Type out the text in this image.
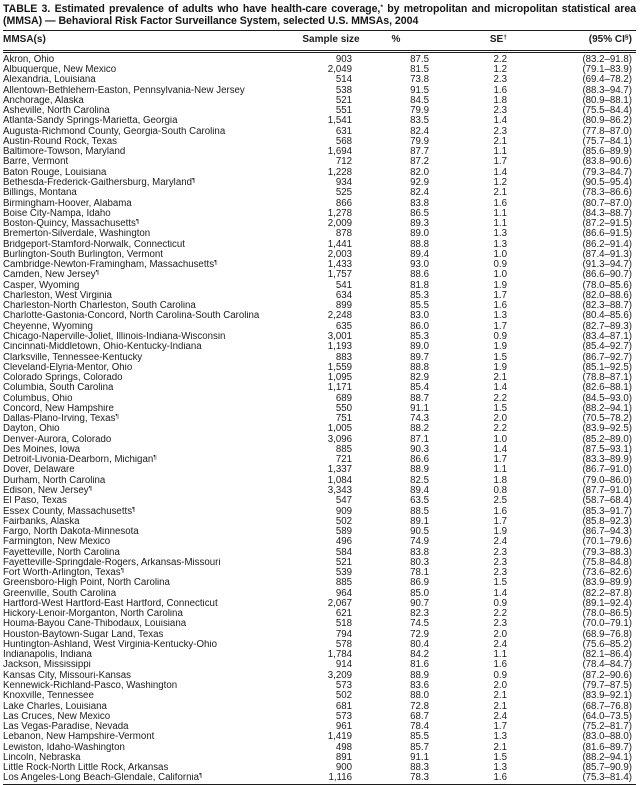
TABLE 3. Estimated prevalence of adults who have health-care coverage,* by metropolitan and micropolitan statistical area (MMSA) — Behavioral Risk Factor Surveillance System, selected U.S. MMSAs, 2004
MMSA(s)	Sample size	%	SE†	(95% CI§)
Akron, Ohio	903	87.5	2.2	(83.2–91.8)
Albuquerque, New Mexico	2,049	81.5	1.2	(79.1–83.9)
Alexandria, Louisiana	514	73.8	2.3	(69.4–78.2)
Allentown-Bethlehem-Easton, Pennsylvania-New Jersey	538	91.5	1.6	(88.3–94.7)
Anchorage, Alaska	521	84.5	1.8	(80.9–88.1)
Asheville, North Carolina	551	79.9	2.3	(75.5–84.4)
Atlanta-Sandy Springs-Marietta, Georgia	1,541	83.5	1.4	(80.9–86.2)
Augusta-Richmond County, Georgia-South Carolina	631	82.4	2.3	(77.8–87.0)
Austin-Round Rock, Texas	568	79.9	2.1	(75.7–84.1)
Baltimore-Towson, Maryland	1,694	87.7	1.1	(85.6–89.9)
Barre, Vermont	712	87.2	1.7	(83.8–90.6)
Baton Rouge, Louisiana	1,228	82.0	1.4	(79.3–84.7)
Bethesda-Frederick-Gaithersburg, Maryland¶	934	92.9	1.2	(90.5–95.4)
Billings, Montana	525	82.4	2.1	(78.3–86.6)
Birmingham-Hoover, Alabama	866	83.8	1.6	(80.7–87.0)
Boise City-Nampa, Idaho	1,278	86.5	1.1	(84.3–88.7)
Boston-Quincy, Massachusetts¶	2,009	89.3	1.1	(87.2–91.5)
Bremerton-Silverdale, Washington	878	89.0	1.3	(86.6–91.5)
Bridgeport-Stamford-Norwalk, Connecticut	1,441	88.8	1.3	(86.2–91.4)
Burlington-South Burlington, Vermont	2,003	89.4	1.0	(87.4–91.3)
Cambridge-Newton-Framingham, Massachusetts¶	1,433	93.0	0.9	(91.3–94.7)
Camden, New Jersey¶	1,757	88.6	1.0	(86.6–90.7)
Casper, Wyoming	541	81.8	1.9	(78.0–85.6)
Charleston, West Virginia	634	85.3	1.7	(82.0–88.6)
Charleston-North Charleston, South Carolina	899	85.5	1.6	(82.3–88.7)
Charlotte-Gastonia-Concord, North Carolina-South Carolina	2,248	83.0	1.3	(80.4–85.6)
Cheyenne, Wyoming	635	86.0	1.7	(82.7–89.3)
Chicago-Naperville-Joliet, Illinois-Indiana-Wisconsin	3,001	85.3	0.9	(83.4–87.1)
Cincinnati-Middletown, Ohio-Kentucky-Indiana	1,193	89.0	1.9	(85.4–92.7)
Clarksville, Tennessee-Kentucky	883	89.7	1.5	(86.7–92.7)
Cleveland-Elyria-Mentor, Ohio	1,559	88.8	1.9	(85.1–92.5)
Colorado Springs, Colorado	1,095	82.9	2.1	(78.8–87.1)
Columbia, South Carolina	1,171	85.4	1.4	(82.6–88.1)
Columbus, Ohio	689	88.7	2.2	(84.5–93.0)
Concord, New Hampshire	550	91.1	1.5	(88.2–94.1)
Dallas-Plano-Irving, Texas¶	751	74.3	2.0	(70.5–78.2)
Dayton, Ohio	1,005	88.2	2.2	(83.9–92.5)
Denver-Aurora, Colorado	3,096	87.1	1.0	(85.2–89.0)
Des Moines, Iowa	885	90.3	1.4	(87.5–93.1)
Detroit-Livonia-Dearborn, Michigan¶	721	86.6	1.7	(83.3–89.9)
Dover, Delaware	1,337	88.9	1.1	(86.7–91.0)
Durham, North Carolina	1,084	82.5	1.8	(79.0–86.0)
Edison, New Jersey¶	3,343	89.4	0.8	(87.7–91.0)
El Paso, Texas	547	63.5	2.5	(58.7–68.4)
Essex County, Massachusetts¶	909	88.5	1.6	(85.3–91.7)
Fairbanks, Alaska	502	89.1	1.7	(85.8–92.3)
Fargo, North Dakota-Minnesota	589	90.5	1.9	(86.7–94.3)
Farmington, New Mexico	496	74.9	2.4	(70.1–79.6)
Fayetteville, North Carolina	584	83.8	2.3	(79.3–88.3)
Fayetteville-Springdale-Rogers, Arkansas-Missouri	521	80.3	2.3	(75.8–84.8)
Fort Worth-Arlington, Texas¶	539	78.1	2.3	(73.6–82.6)
Greensboro-High Point, North Carolina	885	86.9	1.5	(83.9–89.9)
Greenville, South Carolina	964	85.0	1.4	(82.2–87.8)
Hartford-West Hartford-East Hartford, Connecticut	2,067	90.7	0.9	(89.1–92.4)
Hickory-Lenoir-Morganton, North Carolina	621	82.3	2.2	(78.0–86.5)
Houma-Bayou Cane-Thibodaux, Louisiana	518	74.5	2.3	(70.0–79.1)
Houston-Baytown-Sugar Land, Texas	794	72.9	2.0	(68.9–76.8)
Huntington-Ashland, West Virginia-Kentucky-Ohio	578	80.4	2.4	(75.6–85.2)
Indianapolis, Indiana	1,784	84.2	1.1	(82.1–86.4)
Jackson, Mississippi	914	81.6	1.6	(78.4–84.7)
Kansas City, Missouri-Kansas	3,209	88.9	0.9	(87.2–90.6)
Kennewick-Richland-Pasco, Washington	573	83.6	2.0	(79.7–87.5)
Knoxville, Tennessee	502	88.0	2.1	(83.9–92.1)
Lake Charles, Louisiana	681	72.8	2.1	(68.7–76.8)
Las Cruces, New Mexico	573	68.7	2.4	(64.0–73.5)
Las Vegas-Paradise, Nevada	961	78.4	1.7	(75.2–81.7)
Lebanon, New Hampshire-Vermont	1,419	85.5	1.3	(83.0–88.0)
Lewiston, Idaho-Washington	498	85.7	2.1	(81.6–89.7)
Lincoln, Nebraska	891	91.1	1.5	(88.2–94.1)
Little Rock-North Little Rock, Arkansas	900	88.3	1.3	(85.7–90.9)
Los Angeles-Long Beach-Glendale, California¶	1,116	78.3	1.6	(75.3–81.4)
